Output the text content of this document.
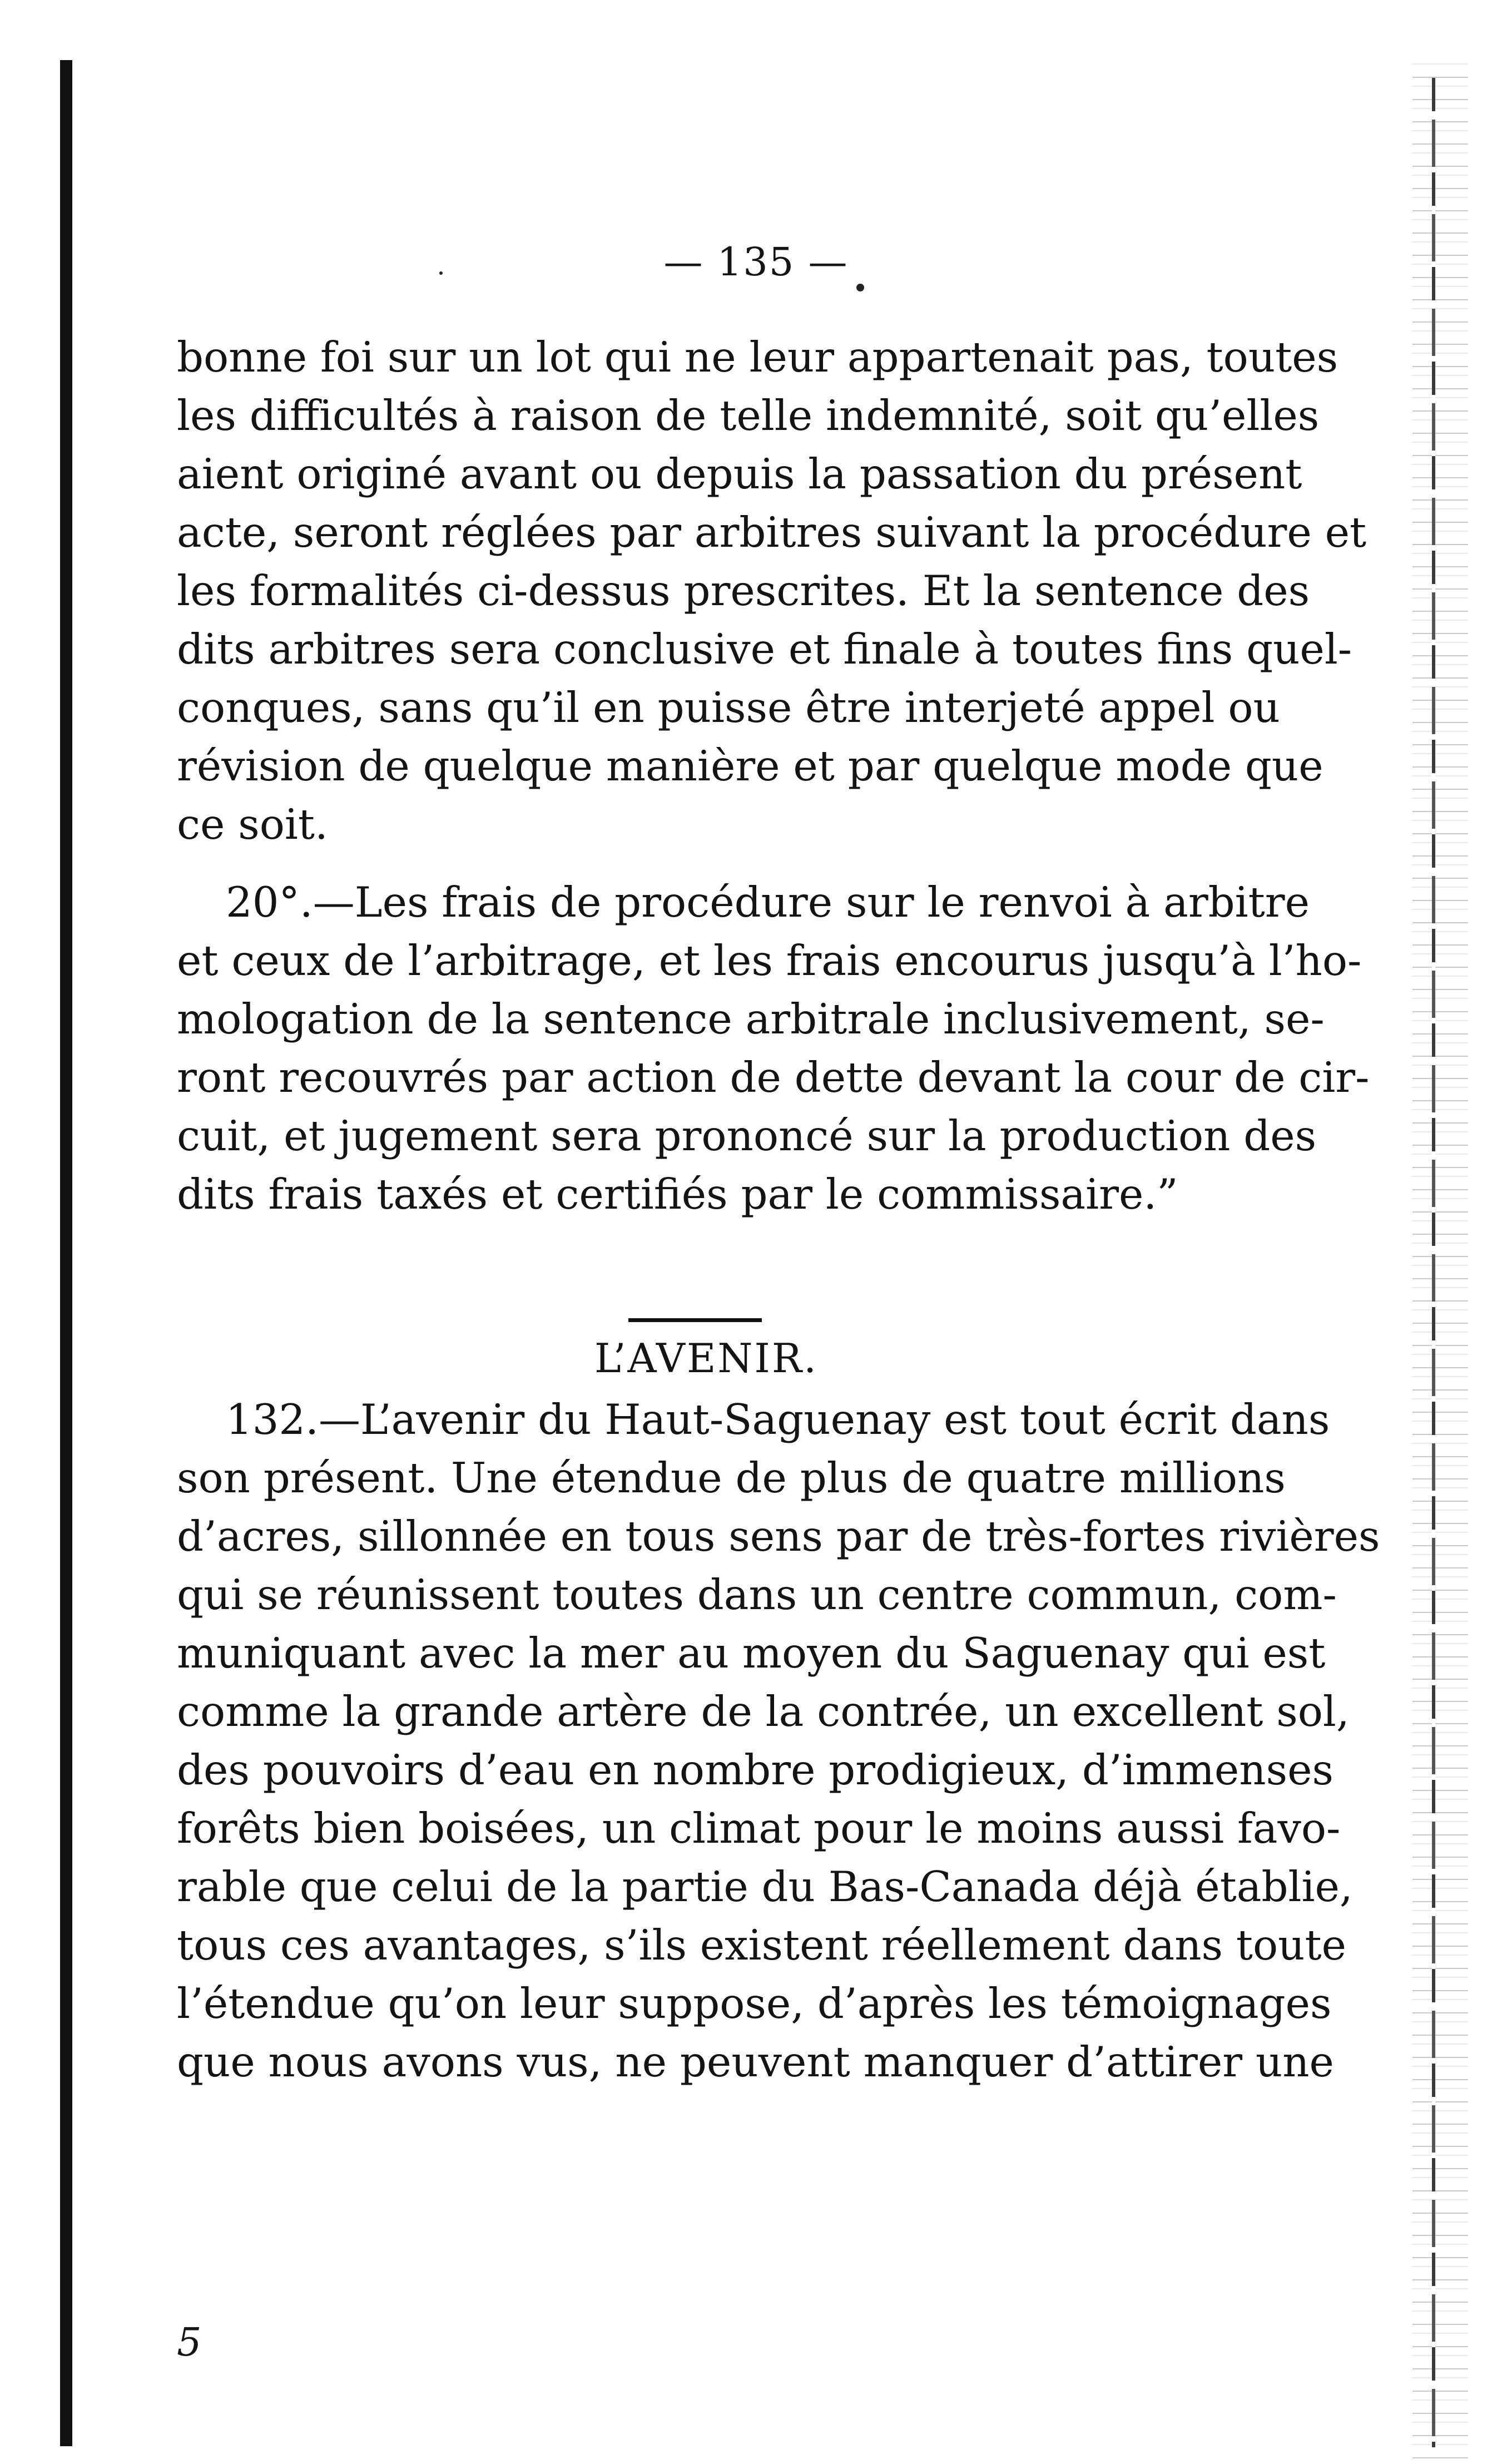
— 135 —
bonne foi sur un lot qui ne leur appartenait pas, toutes
les difficultés à raison de telle indemnité, soit qu’elles
aient originé avant ou depuis la passation du présent
acte, seront réglées par arbitres suivant la procédure et
les formalités ci-dessus prescrites. Et la sentence des
dits arbitres sera conclusive et finale à toutes fins quel-
conques, sans qu’il en puisse être interjeté appel ou
révision de quelque manière et par quelque mode que
ce soit.
20°.—Les frais de procédure sur le renvoi à arbitre
et ceux de l’arbitrage, et les frais encourus jusqu’à l’ho-
mologation de la sentence arbitrale inclusivement, se-
ront recouvrés par action de dette devant la cour de cir-
cuit, et jugement sera prononcé sur la production des
dits frais taxés et certifiés par le commissaire.”
L’AVENIR.
132.—L’avenir du Haut-Saguenay est tout écrit dans
son présent. Une étendue de plus de quatre millions
d’acres, sillonnée en tous sens par de très-fortes rivières
qui se réunissent toutes dans un centre commun, com-
muniquant avec la mer au moyen du Saguenay qui est
comme la grande artère de la contrée, un excellent sol,
des pouvoirs d’eau en nombre prodigieux, d’immenses
forêts bien boisées, un climat pour le moins aussi favo-
rable que celui de la partie du Bas-Canada déjà établie,
tous ces avantages, s’ils existent réellement dans toute
l’étendue qu’on leur suppose, d’après les témoignages
que nous avons vus, ne peuvent manquer d’attirer une
5
